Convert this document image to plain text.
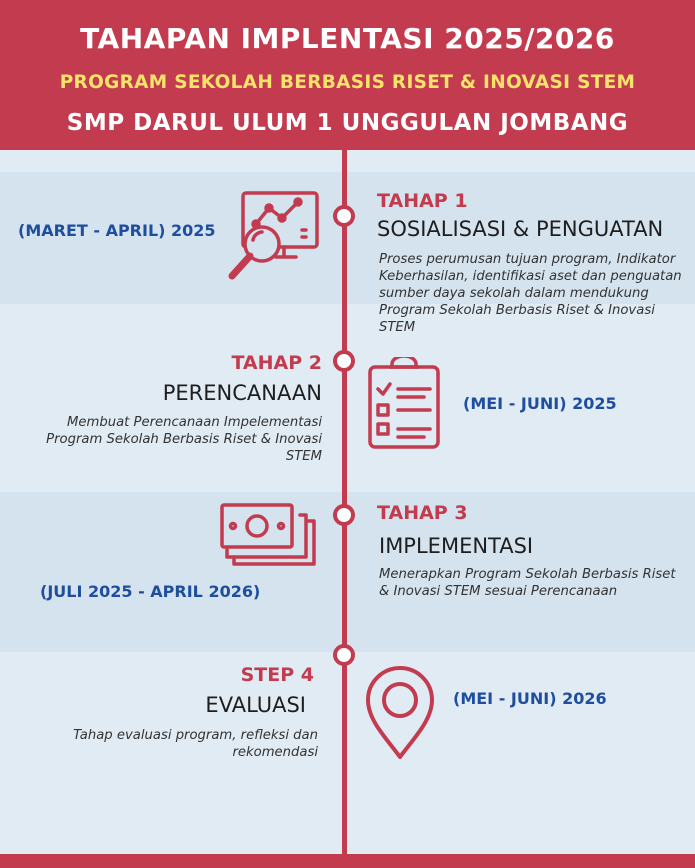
TAHAPAN IMPLENTASI 2025/2026
PROGRAM SEKOLAH BERBASIS RISET & INOVASI STEM
SMP DARUL ULUM 1 UNGGULAN JOMBANG
(MARET - APRIL) 2025
TAHAP 1
SOSIALISASI & PENGUATAN
Proses perumusan tujuan program, Indikator Keberhasilan, identifikasi aset dan penguatan sumber daya sekolah dalam mendukung Program Sekolah Berbasis Riset & Inovasi STEM
TAHAP 2
PERENCANAAN
Membuat Perencanaan Impelementasi Program Sekolah Berbasis Riset & Inovasi STEM
(MEI - JUNI) 2025
TAHAP 3
IMPLEMENTASI
Menerapkan Program Sekolah Berbasis Riset & Inovasi STEM sesuai Perencanaan
(JULI 2025 - APRIL 2026)
STEP 4
EVALUASI
Tahap evaluasi program, refleksi dan rekomendasi
(MEI - JUNI) 2026
